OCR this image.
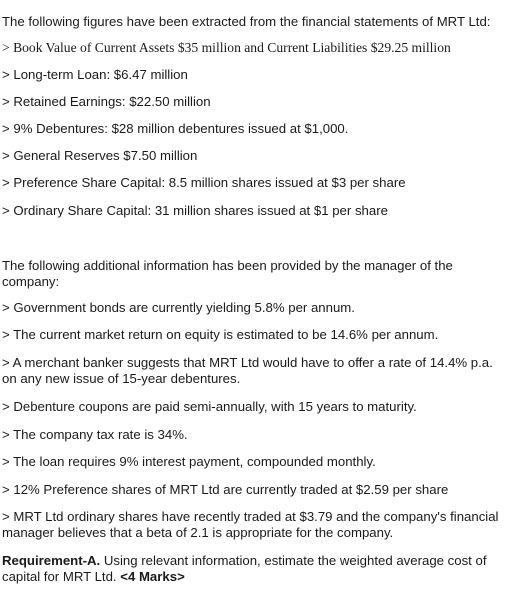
The following figures have been extracted from the financial statements of MRT Ltd:
> Book Value of Current Assets $35 million and Current Liabilities $29.25 million
> Long-term Loan: $6.47 million
> Retained Earnings: $22.50 million
> 9% Debentures: $28 million debentures issued at $1,000.
> General Reserves $7.50 million
> Preference Share Capital: 8.5 million shares issued at $3 per share
> Ordinary Share Capital: 31 million shares issued at $1 per share
The following additional information has been provided by the manager of the
company:
> Government bonds are currently yielding 5.8% per annum.
> The current market return on equity is estimated to be 14.6% per annum.
> A merchant banker suggests that MRT Ltd would have to offer a rate of 14.4% p.a.
on any new issue of 15-year debentures.
> Debenture coupons are paid semi-annually, with 15 years to maturity.
> The company tax rate is 34%.
> The loan requires 9% interest payment, compounded monthly.
> 12% Preference shares of MRT Ltd are currently traded at $2.59 per share
> MRT Ltd ordinary shares have recently traded at $3.79 and the company's financial
manager believes that a beta of 2.1 is appropriate for the company.
Requirement-A. Using relevant information, estimate the weighted average cost of
capital for MRT Ltd. <4 Marks>
